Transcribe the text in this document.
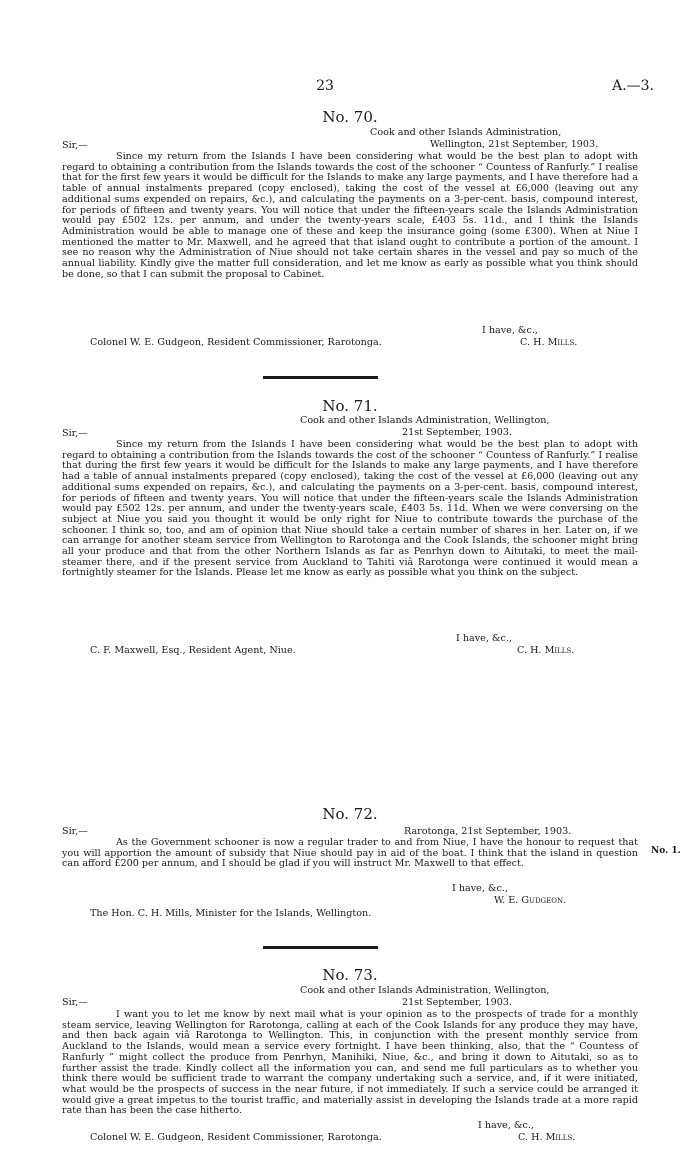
23	A.—3.
No. 70.
Cook and other Islands Administration,
Wellington, 21st September, 1903.
Sir,—

Since my return from the Islands I have been considering what would be the best plan to adopt with regard to obtaining a contribution from the Islands towards the cost of the schooner “ Countess of Ranfurly.” I realise that for the first few years it would be difficult for the Islands to make any large payments, and I have therefore had a table of annual instalments prepared (copy enclosed), taking the cost of the vessel at £6,000 (leaving out any additional sums expended on repairs, &c.), and calculating the payments on a 3-per-cent. basis, compound interest, for periods of fifteen and twenty years. You will notice that under the fifteen-years scale the Islands Administration would pay £502 12s. per annum, and under the twenty-years scale, £403 5s. 11d., and I think the Islands Administration would be able to manage one of these and keep the insurance going (some £300). When at Niue I mentioned the matter to Mr. Maxwell, and he agreed that that island ought to contribute a portion of the amount. I see no reason why the Administration of Niue should not take certain shares in the vessel and pay so much of the annual liability. Kindly give the matter full consideration, and let me know as early as possible what you think should be done, so that I can submit the proposal to Cabinet.

I have, &c.,
Colonel W. E. Gudgeon, Resident Commissioner, Rarotonga.	C. H. Mills.
No. 71.
Cook and other Islands Administration, Wellington,
21st September, 1903.
Sir,—

Since my return from the Islands I have been considering what would be the best plan to adopt with regard to obtaining a contribution from the Islands towards the cost of the schooner “ Countess of Ranfurly.” I realise that during the first few years it would be difficult for the Islands to make any large payments, and I have therefore had a table of annual instalments prepared (copy enclosed), taking the cost of the vessel at £6,000 (leaving out any additional sums expended on repairs, &c.), and calculating the payments on a 3-per-cent. basis, compound interest, for periods of fifteen and twenty years. You will notice that under the fifteen-years scale the Islands Administration would pay £502 12s. per annum, and under the twenty-years scale, £403 5s. 11d. When we were conversing on the subject at Niue you said you thought it would be only right for Niue to contribute towards the purchase of the schooner. I think so, too, and am of opinion that Niue should take a certain number of shares in her. Later on, if we can arrange for another steam service from Wellington to Rarotonga and the Cook Islands, the schooner might bring all your produce and that from the other Northern Islands as far as Penrhyn down to Aitutaki, to meet the mail-steamer there, and if the present service from Auckland to Tahiti viâ Rarotonga were continued it would mean a fortnightly steamer for the Islands. Please let me know as early as possible what you think on the subject.

I have, &c.,
C. F. Maxwell, Esq., Resident Agent, Niue.	C. H. Mills.
No. 72.
Sir,—	Rarotonga, 21st September, 1903.

As the Government schooner is now a regular trader to and from Niue, I have the honour to request that you will apportion the amount of subsidy that Niue should pay in aid of the boat. I think that the island in question can afford £200 per annum, and I should be glad if you will instruct Mr. Maxwell to that effect.

No. 1.
I have, &c.,
W. E. Gudgeon.
The Hon. C. H. Mills, Minister for the Islands, Wellington.
No. 73.
Cook and other Islands Administration, Wellington,
21st September, 1903.
Sir,—

I want you to let me know by next mail what is your opinion as to the prospects of trade for a monthly steam service, leaving Wellington for Rarotonga, calling at each of the Cook Islands for any produce they may have, and then back again viâ Rarotonga to Wellington. This, in conjunction with the present monthly service from Auckland to the Islands, would mean a service every fortnight. I have been thinking, also, that the “ Countess of Ranfurly ” might collect the produce from Penrhyn, Manihiki, Niue, &c., and bring it down to Aitutaki, so as to further assist the trade. Kindly collect all the information you can, and send me full particulars as to whether you think there would be sufficient trade to warrant the company undertaking such a service, and, if it were initiated, what would be the prospects of success in the near future, if not immediately. If such a service could be arranged it would give a great impetus to the tourist traffic, and materially assist in developing the Islands trade at a more rapid rate than has been the case hitherto.

I have, &c.,
Colonel W. E. Gudgeon, Resident Commissioner, Rarotonga.	C. H. Mills.
